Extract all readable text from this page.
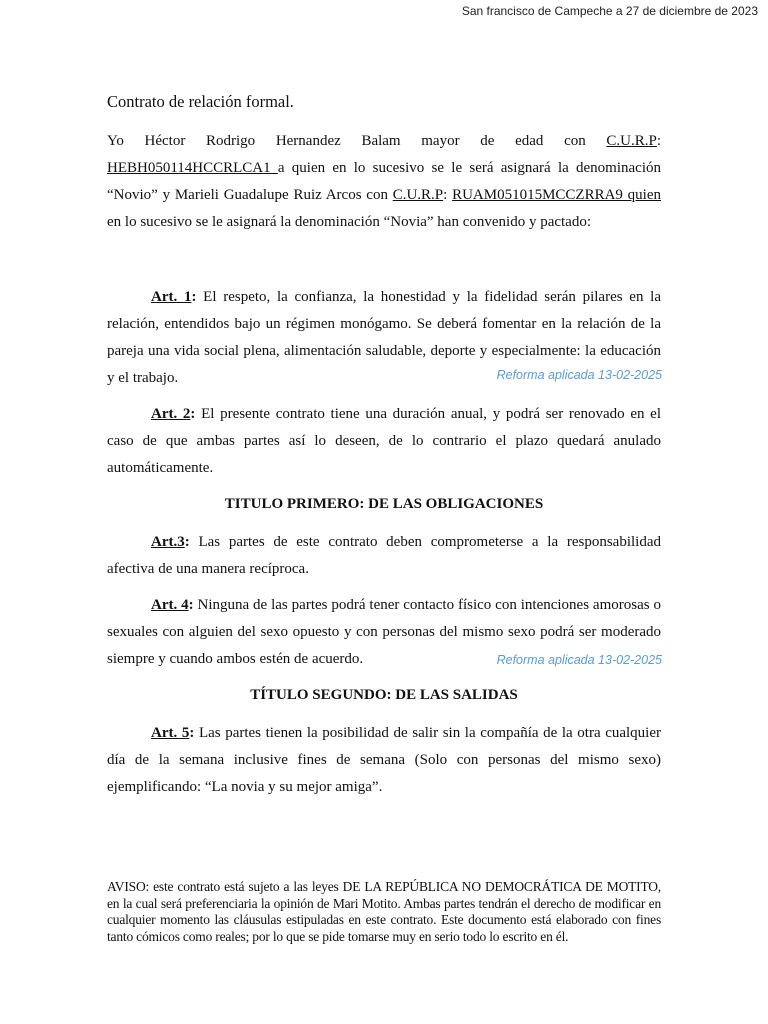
San francisco de Campeche a 27 de diciembre de 2023
Contrato de relación formal.
Yo Héctor Rodrigo Hernandez Balam mayor de edad con C.U.R.P: HEBH050114HCCRLCA1 a quien en lo sucesivo se le será asignará la denominación “Novio” y Marieli Guadalupe Ruiz Arcos con C.U.R.P: RUAM051015MCCZRRA9 quien en lo sucesivo se le asignará la denominación “Novia” han convenido y pactado:
Art. 1: El respeto, la confianza, la honestidad y la fidelidad serán pilares en la relación, entendidos bajo un régimen monógamo. Se deberá fomentar en la relación de la pareja una vida social plena, alimentación saludable, deporte y especialmente: la educación y el trabajo.	Reforma aplicada 13-02-2025
Art. 2: El presente contrato tiene una duración anual, y podrá ser renovado en el caso de que ambas partes así lo deseen, de lo contrario el plazo quedará anulado automáticamente.
TITULO PRIMERO: DE LAS OBLIGACIONES
Art.3: Las partes de este contrato deben comprometerse a la responsabilidad afectiva de una manera recíproca.
Art. 4: Ninguna de las partes podrá tener contacto físico con intenciones amorosas o sexuales con alguien del sexo opuesto y con personas del mismo sexo podrá ser moderado siempre y cuando ambos estén de acuerdo.	Reforma aplicada 13-02-2025
TÍTULO SEGUNDO: DE LAS SALIDAS
Art. 5: Las partes tienen la posibilidad de salir sin la compañía de la otra cualquier día de la semana inclusive fines de semana (Solo con personas del mismo sexo) ejemplificando: “La novia y su mejor amiga”.
AVISO: este contrato está sujeto a las leyes DE LA REPÚBLICA NO DEMOCRÁTICA DE MOTITO, en la cual será preferenciaria la opinión de Mari Motito. Ambas partes tendrán el derecho de modificar en cualquier momento las cláusulas estipuladas en este contrato. Este documento está elaborado con fines tanto cómicos como reales; por lo que se pide tomarse muy en serio todo lo escrito en él.
